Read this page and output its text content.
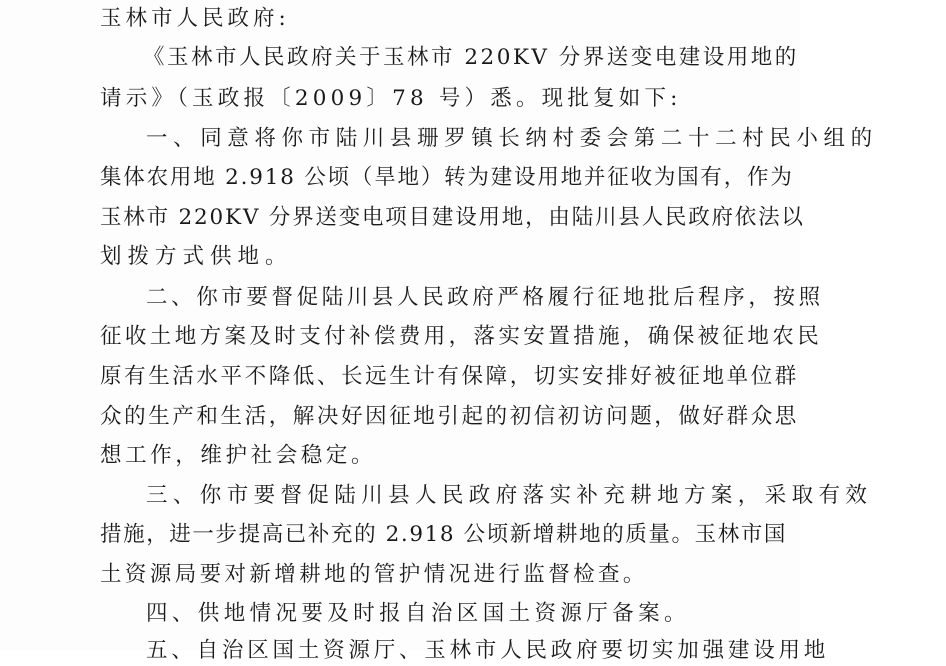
玉林市人民政府:
《玉林市人民政府关于玉林市 220KV 分界送变电建设用地的
请示》（玉政报〔2009〕78 号）悉。现批复如下:
一、同意将你市陆川县珊罗镇长纳村委会第二十二村民小组的
集体农用地 2.918 公顷（旱地）转为建设用地并征收为国有，作为
玉林市 220KV 分界送变电项目建设用地，由陆川县人民政府依法以
划拨方式供地。
二、你市要督促陆川县人民政府严格履行征地批后程序，按照
征收土地方案及时支付补偿费用，落实安置措施，确保被征地农民
原有生活水平不降低、长远生计有保障，切实安排好被征地单位群
众的生产和生活，解决好因征地引起的初信初访问题，做好群众思
想工作，维护社会稳定。
三、你市要督促陆川县人民政府落实补充耕地方案，采取有效
措施，进一步提高已补充的 2.918 公顷新增耕地的质量。玉林市国
土资源局要对新增耕地的管护情况进行监督检查。
四、供地情况要及时报自治区国土资源厅备案。
五、自治区国土资源厅、玉林市人民政府要切实加强建设用地
